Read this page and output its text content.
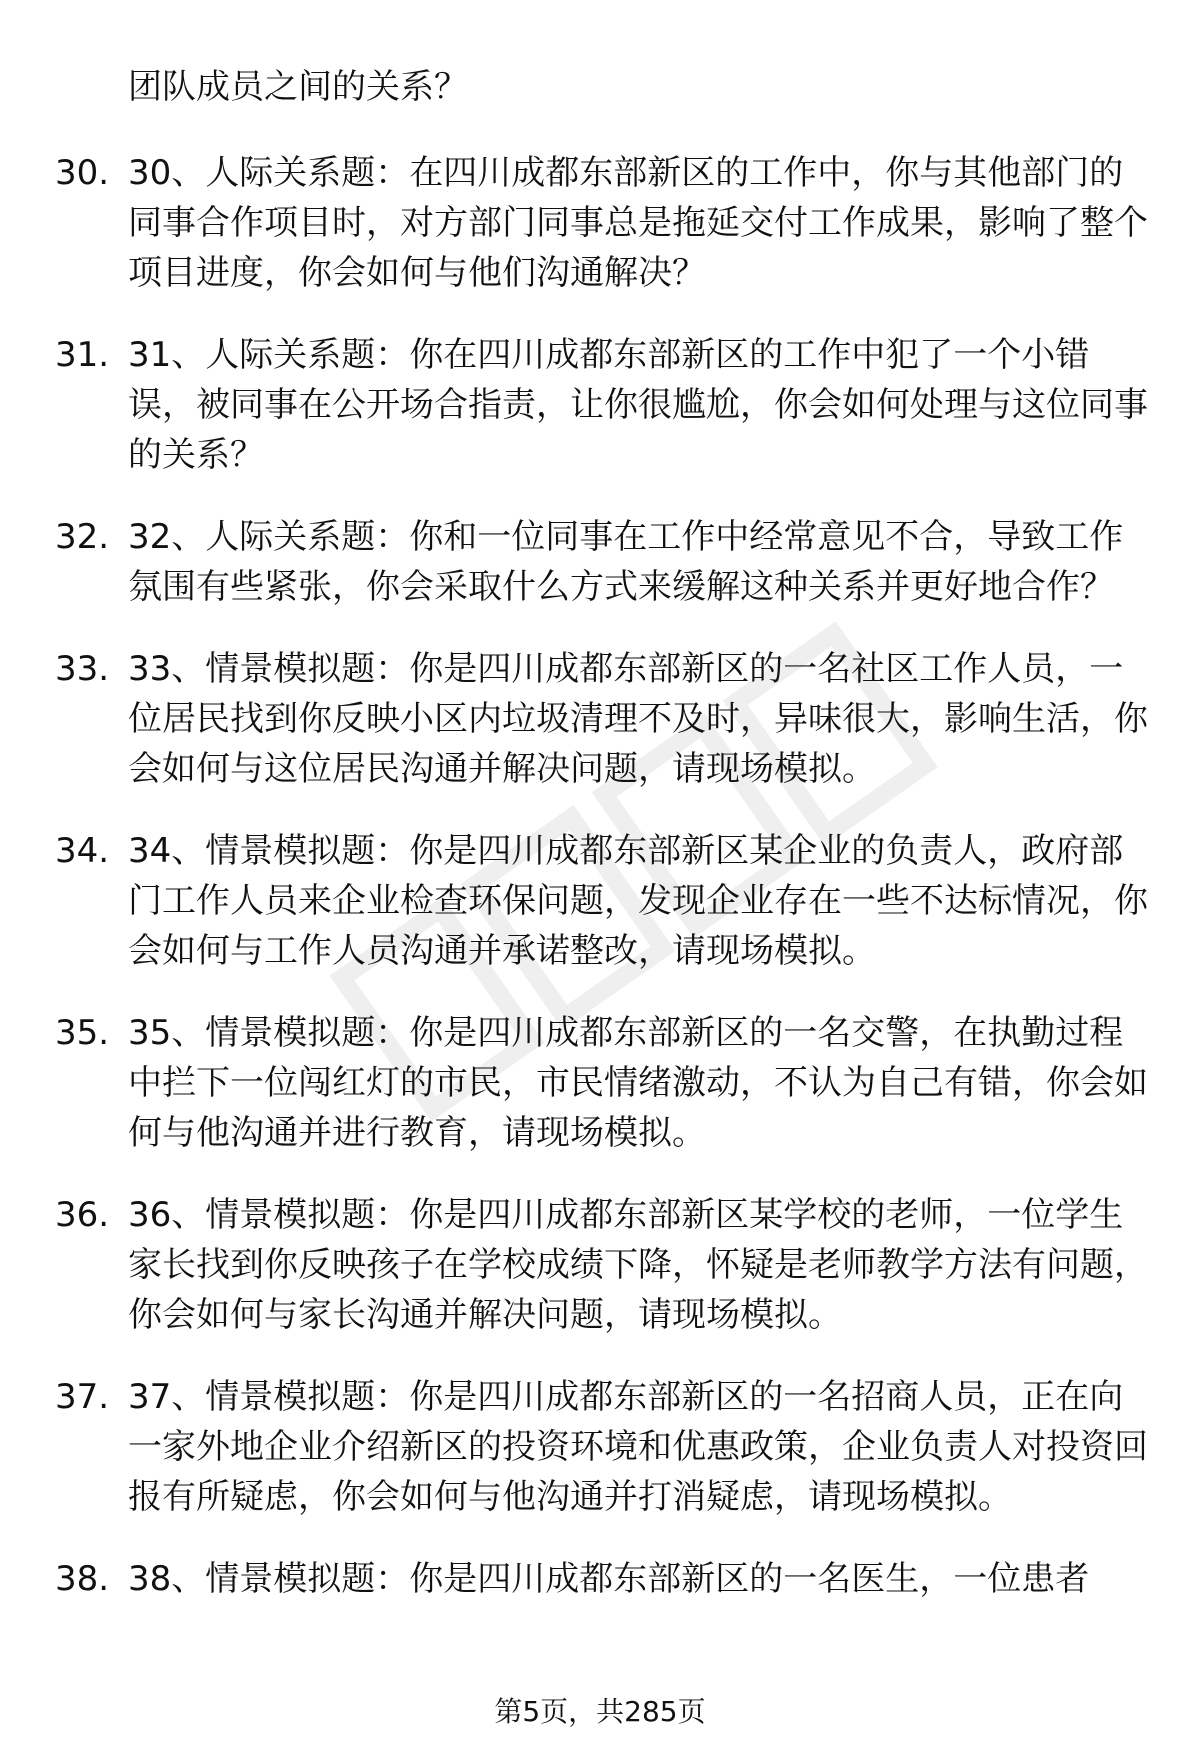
团队成员之间的关系？

30. 30、人际关系题：在四川成都东部新区的工作中，你与其他部门的同事合作项目时，对方部门同事总是拖延交付工作成果，影响了整个项目进度，你会如何与他们沟通解决？
31. 31、人际关系题：你在四川成都东部新区的工作中犯了一个小错误，被同事在公开场合指责，让你很尴尬，你会如何处理与这位同事的关系？
32. 32、人际关系题：你和一位同事在工作中经常意见不合，导致工作氛围有些紧张，你会采取什么方式来缓解这种关系并更好地合作？
33. 33、情景模拟题：你是四川成都东部新区的一名社区工作人员，一位居民找到你反映小区内垃圾清理不及时，异味很大，影响生活，你会如何与这位居民沟通并解决问题，请现场模拟。
34. 34、情景模拟题：你是四川成都东部新区某企业的负责人，政府部门工作人员来企业检查环保问题，发现企业存在一些不达标情况，你会如何与工作人员沟通并承诺整改，请现场模拟。
35. 35、情景模拟题：你是四川成都东部新区的一名交警，在执勤过程中拦下一位闯红灯的市民，市民情绪激动，不认为自己有错，你会如何与他沟通并进行教育，请现场模拟。
36. 36、情景模拟题：你是四川成都东部新区某学校的老师，一位学生家长找到你反映孩子在学校成绩下降，怀疑是老师教学方法有问题，你会如何与家长沟通并解决问题，请现场模拟。
37. 37、情景模拟题：你是四川成都东部新区的一名招商人员，正在向一家外地企业介绍新区的投资环境和优惠政策，企业负责人对投资回报有所疑虑，你会如何与他沟通并打消疑虑，请现场模拟。
38. 38、情景模拟题：你是四川成都东部新区的一名医生，一位患者
第5页，共285页
